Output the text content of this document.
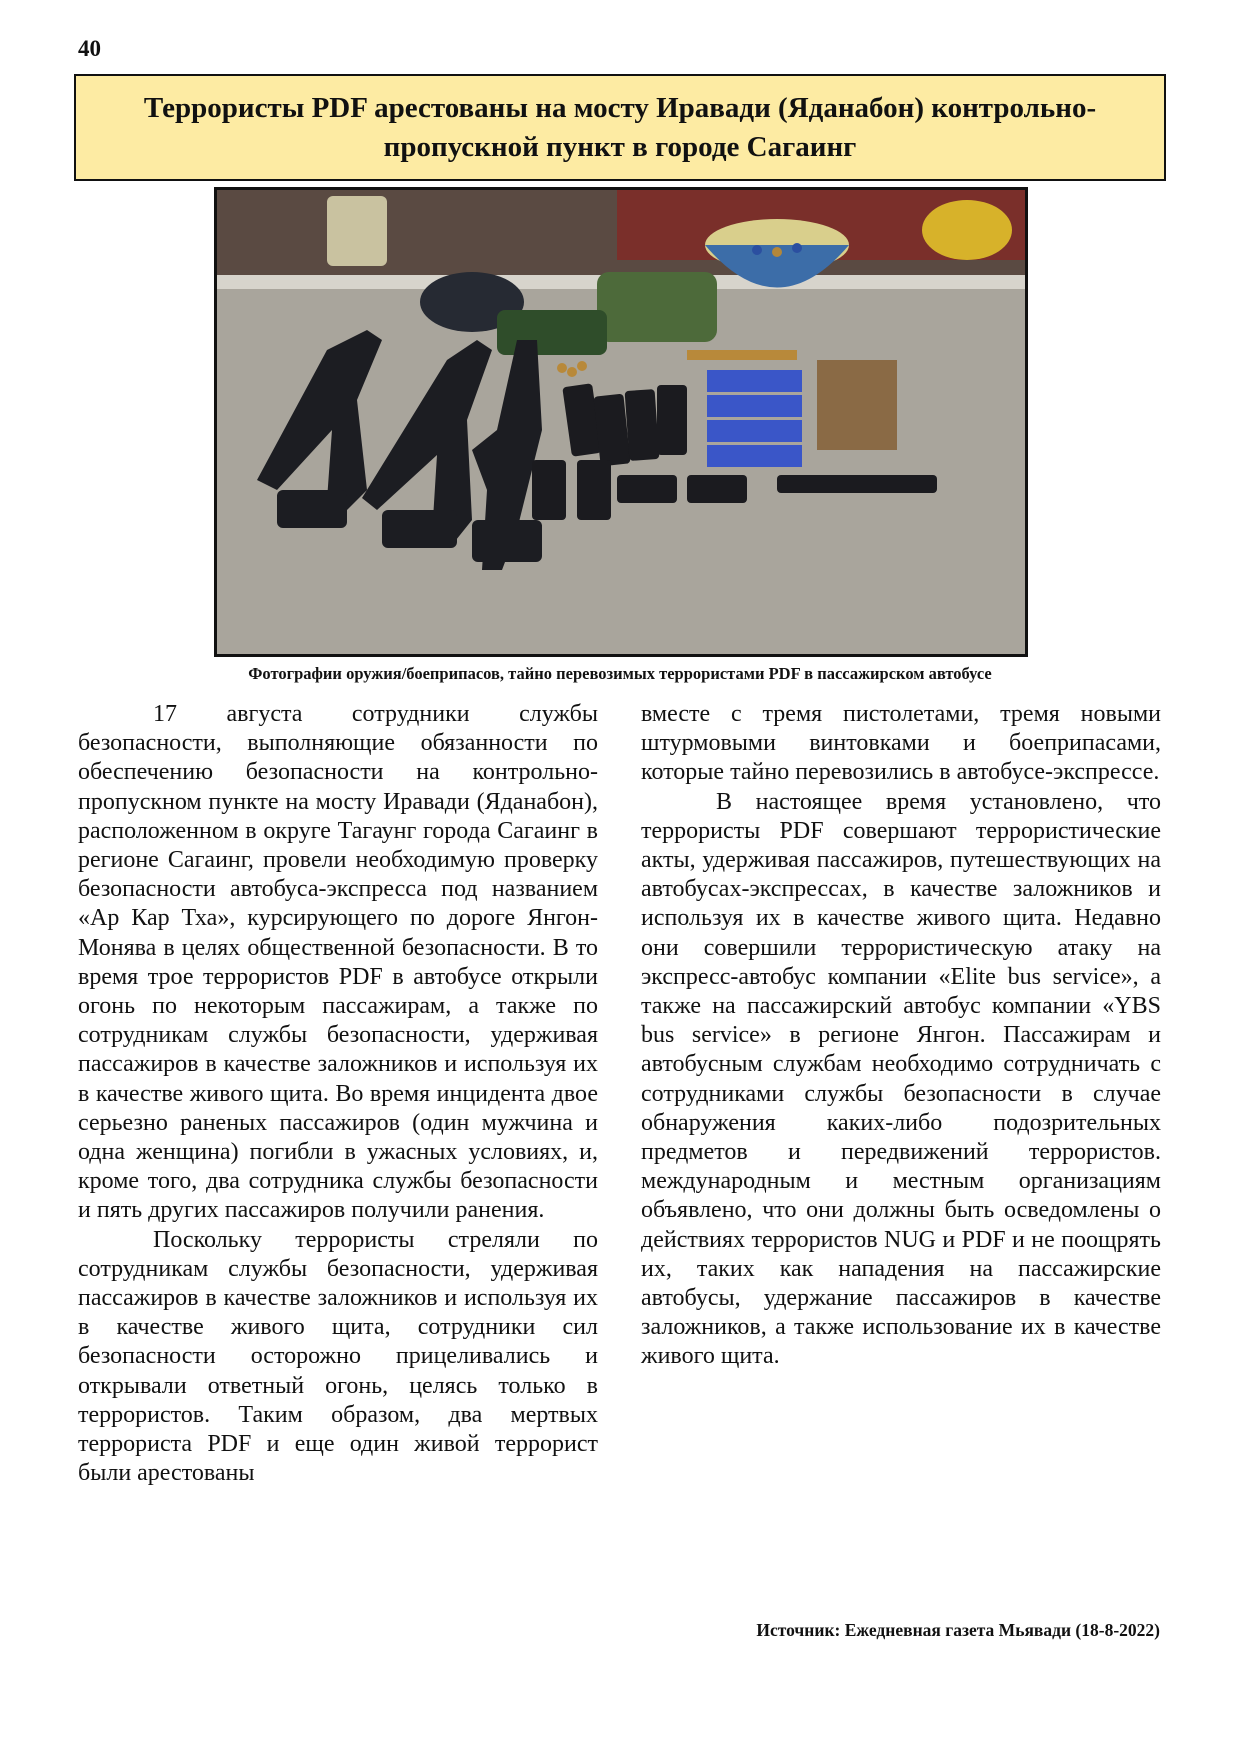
40
Террористы PDF арестованы на мосту Иравади (Яданабон) контрольно-пропускной пункт в городе Сагаинг
Фотографии оружия/боеприпасов, тайно перевозимых террористами PDF в пассажирском автобусе

17 августа сотрудники службы безопасности, выполняющие обязанности по обеспечению безопасности на контрольно-пропускном пункте на мосту Иравади (Яданабон), расположенном в округе Тагаунг города Сагаинг в регионе Сагаинг, провели необходимую проверку безопасности автобуса-экспресса под названием «Ар Кар Тха», курсирующего по дороге Янгон-Монява в целях общественной безопасности. В то время трое террористов PDF в автобусе открыли огонь по некоторым пассажирам, а также по сотрудникам службы безопасности, удерживая пассажиров в качестве заложников и используя их в качестве живого щита. Во время инцидента двое серьезно раненых пассажиров (один мужчина и одна женщина) погибли в ужасных условиях, и, кроме того, два сотрудника службы безопасности и пять других пассажиров получили ранения.

Поскольку террористы стреляли по сотрудникам службы безопасности, удерживая пассажиров в качестве заложников и используя их в качестве живого щита, сотрудники сил безопасности осторожно прицеливались и открывали ответный огонь, целясь только в террористов. Таким образом, два мертвых террориста PDF и еще один живой террорист были арестованы

вместе с тремя пистолетами, тремя новыми штурмовыми винтовками и боеприпасами, которые тайно перевозились в автобусе-экспрессе.

В настоящее время установлено, что террористы PDF совершают террористические акты, удерживая пассажиров, путешествующих на автобусах-экспрессах, в качестве заложников и используя их в качестве живого щита. Недавно они совершили террористическую атаку на экспресс-автобус компании «Elite bus service», а также на пассажирский автобус компании «YBS bus service» в регионе Янгон. Пассажирам и автобусным службам необходимо сотрудничать с сотрудниками службы безопасности в случае обнаружения каких-либо подозрительных предметов и передвижений террористов. международным и местным организациям объявлено, что они должны быть осведомлены о действиях террористов NUG и PDF и не поощрять их, таких как нападения на пассажирские автобусы, удержание пассажиров в качестве заложников, а также использование их в качестве живого щита.

Источник: Ежедневная газета Мьявади (18-8-2022)
